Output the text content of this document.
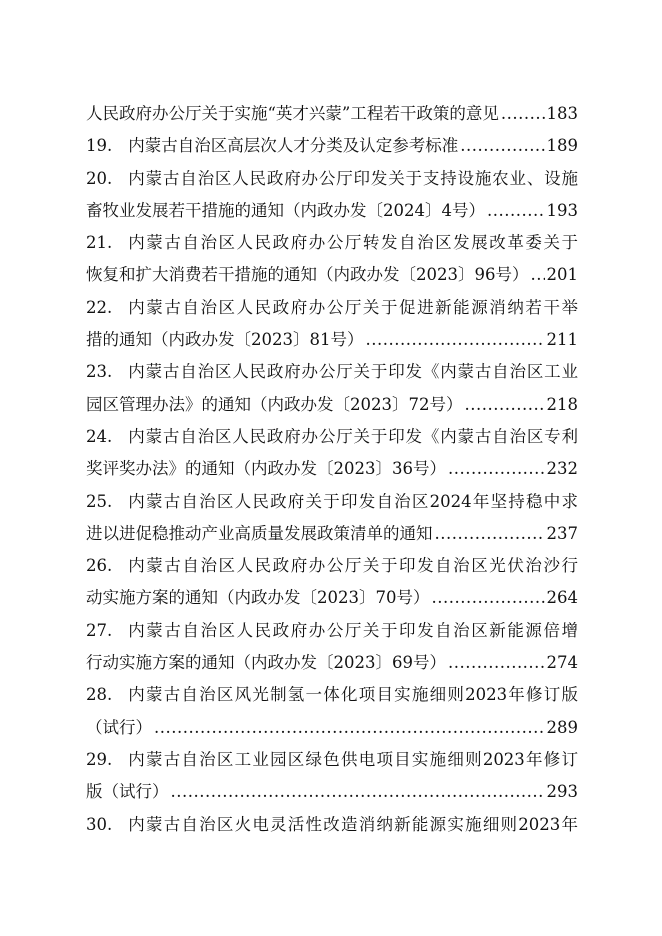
人民政府办公厅关于实施“英才兴蒙”工程若干政策的意见 .....	183
19. 内蒙古自治区高层次人才分类及认定参考标准 .....	189
20. 内蒙古自治区人民政府办公厅印发关于支持设施农业、设施
畜牧业发展若干措施的通知（内政办发〔2024〕4号） .....	193
21. 内蒙古自治区人民政府办公厅转发自治区发展改革委关于
恢复和扩大消费若干措施的通知（内政办发〔2023〕96号） ..... 201
22. 内蒙古自治区人民政府办公厅关于促进新能源消纳若干举
措的通知（内政办发〔2023〕81号） .....	211
23. 内蒙古自治区人民政府办公厅关于印发《内蒙古自治区工业
园区管理办法》的通知（内政办发〔2023〕72号） .....	218
24. 内蒙古自治区人民政府办公厅关于印发《内蒙古自治区专利
奖评奖办法》的通知（内政办发〔2023〕36号） .....	232
25. 内蒙古自治区人民政府关于印发自治区2024年坚持稳中求
进以进促稳推动产业高质量发展政策清单的通知 .....	237
26. 内蒙古自治区人民政府办公厅关于印发自治区光伏治沙行
动实施方案的通知（内政办发〔2023〕70号） .....	264
27. 内蒙古自治区人民政府办公厅关于印发自治区新能源倍增
行动实施方案的通知（内政办发〔2023〕69号） .....	274
28. 内蒙古自治区风光制氢一体化项目实施细则2023年修订版
（试行） .....	289
29. 内蒙古自治区工业园区绿色供电项目实施细则2023年修订
版（试行） .....	293
30. 内蒙古自治区火电灵活性改造消纳新能源实施细则2023年
